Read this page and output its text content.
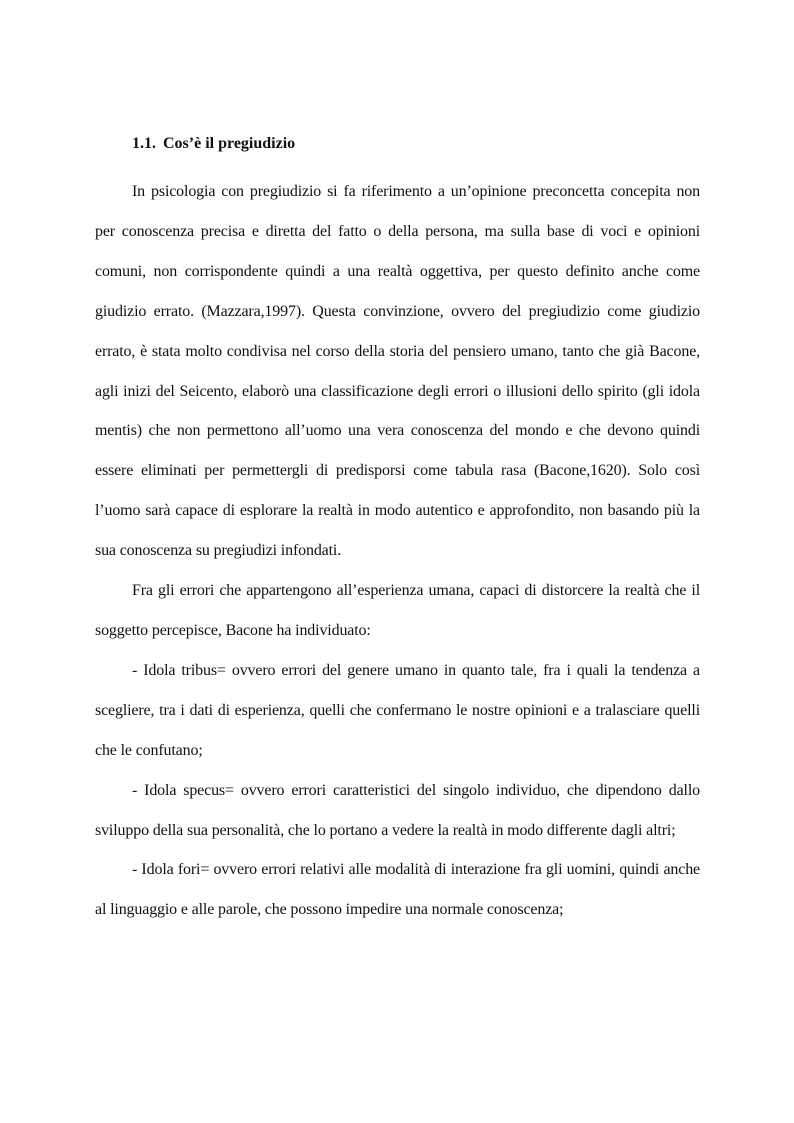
1.1. Cos’è il pregiudizio

In psicologia con pregiudizio si fa riferimento a un’opinione preconcetta concepita non per conoscenza precisa e diretta del fatto o della persona, ma sulla base di voci e opinioni comuni, non corrispondente quindi a una realtà oggettiva, per questo definito anche come giudizio errato. (Mazzara,1997). Questa convinzione, ovvero del pregiudizio come giudizio errato, è stata molto condivisa nel corso della storia del pensiero umano, tanto che già Bacone, agli inizi del Seicento, elaborò una classificazione degli errori o illusioni dello spirito (gli idola mentis) che non permettono all’uomo una vera conoscenza del mondo e che devono quindi essere eliminati per permettergli di predisporsi come tabula rasa (Bacone,1620). Solo così l’uomo sarà capace di esplorare la realtà in modo autentico e approfondito, non basando più la sua conoscenza su pregiudizi infondati.

Fra gli errori che appartengono all’esperienza umana, capaci di distorcere la realtà che il soggetto percepisce, Bacone ha individuato:

- Idola tribus= ovvero errori del genere umano in quanto tale, fra i quali la tendenza a scegliere, tra i dati di esperienza, quelli che confermano le nostre opinioni e a tralasciare quelli che le confutano;

- Idola specus= ovvero errori caratteristici del singolo individuo, che dipendono dallo sviluppo della sua personalità, che lo portano a vedere la realtà in modo differente dagli altri;

- Idola fori= ovvero errori relativi alle modalità di interazione fra gli uomini, quindi anche al linguaggio e alle parole, che possono impedire una normale conoscenza;
